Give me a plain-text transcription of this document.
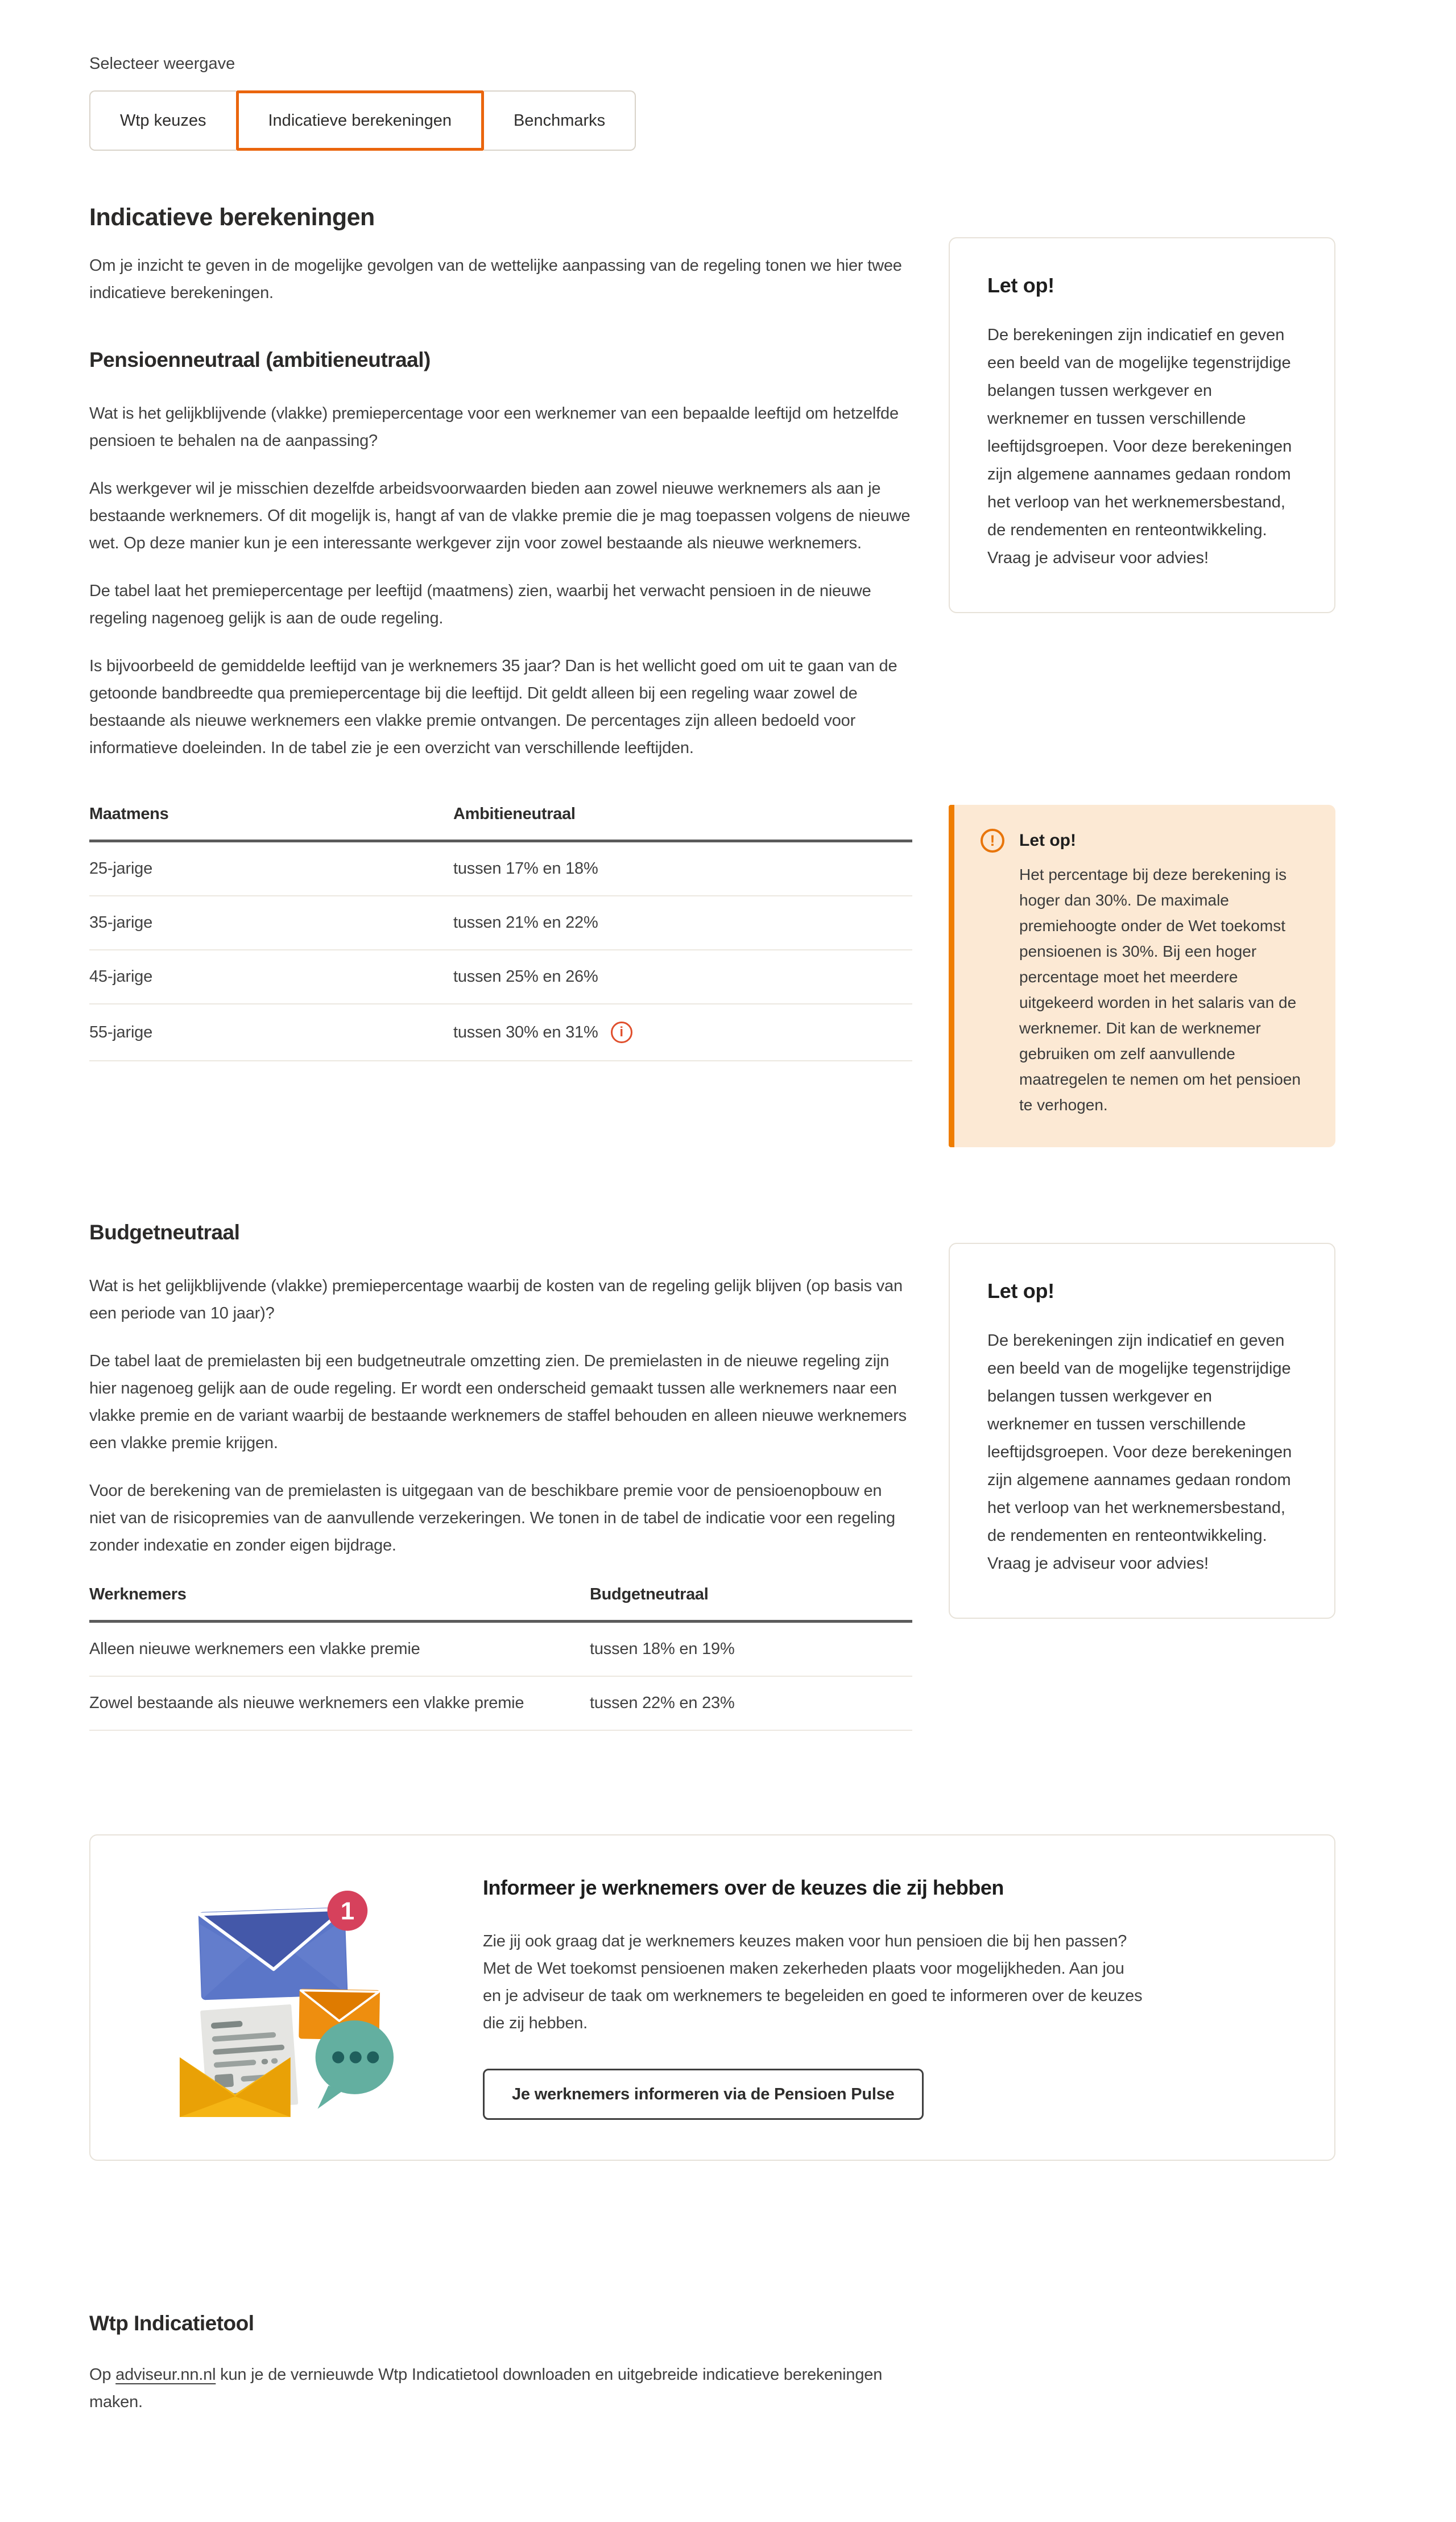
Selecteer weergave
Wtp keuzes	Indicatieve berekeningen	Benchmarks
Indicatieve berekeningen

Om je inzicht te geven in de mogelijke gevolgen van de wettelijke aanpassing van de regeling tonen we hier twee indicatieve berekeningen.

Pensioenneutraal (ambitieneutraal)

Wat is het gelijkblijvende (vlakke) premiepercentage voor een werknemer van een bepaalde leeftijd om hetzelfde pensioen te behalen na de aanpassing?

Als werkgever wil je misschien dezelfde arbeidsvoorwaarden bieden aan zowel nieuwe werknemers als aan je bestaande werknemers. Of dit mogelijk is, hangt af van de vlakke premie die je mag toepassen volgens de nieuwe wet. Op deze manier kun je een interessante werkgever zijn voor zowel bestaande als nieuwe werknemers.

De tabel laat het premiepercentage per leeftijd (maatmens) zien, waarbij het verwacht pensioen in de nieuwe regeling nagenoeg gelijk is aan de oude regeling.

Is bijvoorbeeld de gemiddelde leeftijd van je werknemers 35 jaar? Dan is het wellicht goed om uit te gaan van de getoonde bandbreedte qua premiepercentage bij die leeftijd. Dit geldt alleen bij een regeling waar zowel de bestaande als nieuwe werknemers een vlakke premie ontvangen. De percentages zijn alleen bedoeld voor informatieve doeleinden. In de tabel zie je een overzicht van verschillende leeftijden.

Let op!

De berekeningen zijn indicatief en geven een beeld van de mogelijke tegenstrijdige belangen tussen werkgever en werknemer en tussen verschillende leeftijdsgroepen. Voor deze berekeningen zijn algemene aannames gedaan rondom het verloop van het werknemersbestand, de rendementen en renteontwikkeling. Vraag je adviseur voor advies!

Maatmens	Ambitieneutraal
25-jarige	tussen 17% en 18%
35-jarige	tussen 21% en 22%
45-jarige	tussen 25% en 26%
55-jarige	tussen 30% en 31% i
!	Let op!

Het percentage bij deze berekening is hoger dan 30%. De maximale premiehoogte onder de Wet toekomst pensioenen is 30%. Bij een hoger percentage moet het meerdere uitgekeerd worden in het salaris van de werknemer. Dit kan de werknemer gebruiken om zelf aanvullende maatregelen te nemen om het pensioen te verhogen.

Budgetneutraal

Wat is het gelijkblijvende (vlakke) premiepercentage waarbij de kosten van de regeling gelijk blijven (op basis van een periode van 10 jaar)?

De tabel laat de premielasten bij een budgetneutrale omzetting zien. De premielasten in de nieuwe regeling zijn hier nagenoeg gelijk aan de oude regeling. Er wordt een onderscheid gemaakt tussen alle werknemers naar een vlakke premie en de variant waarbij de bestaande werknemers de staffel behouden en alleen nieuwe werknemers een vlakke premie krijgen.

Voor de berekening van de premielasten is uitgegaan van de beschikbare premie voor de pensioenopbouw en niet van de risicopremies van de aanvullende verzekeringen. We tonen in de tabel de indicatie voor een regeling zonder indexatie en zonder eigen bijdrage.

Werknemers	Budgetneutraal
Alleen nieuwe werknemers een vlakke premie	tussen 18% en 19%
Zowel bestaande als nieuwe werknemers een vlakke premie	tussen 22% en 23%
Let op!

De berekeningen zijn indicatief en geven een beeld van de mogelijke tegenstrijdige belangen tussen werkgever en werknemer en tussen verschillende leeftijdsgroepen. Voor deze berekeningen zijn algemene aannames gedaan rondom het verloop van het werknemersbestand, de rendementen en renteontwikkeling. Vraag je adviseur voor advies!

1
Informeer je werknemers over de keuzes die zij hebben

Zie jij ook graag dat je werknemers keuzes maken voor hun pensioen die bij hen passen? Met de Wet toekomst pensioenen maken zekerheden plaats voor mogelijkheden. Aan jou en je adviseur de taak om werknemers te begeleiden en goed te informeren over de keuzes die zij hebben.

Je werknemers informeren via de Pensioen Pulse
Wtp Indicatietool

Op adviseur.nn.nl kun je de vernieuwde Wtp Indicatietool downloaden en uitgebreide indicatieve berekeningen maken.
